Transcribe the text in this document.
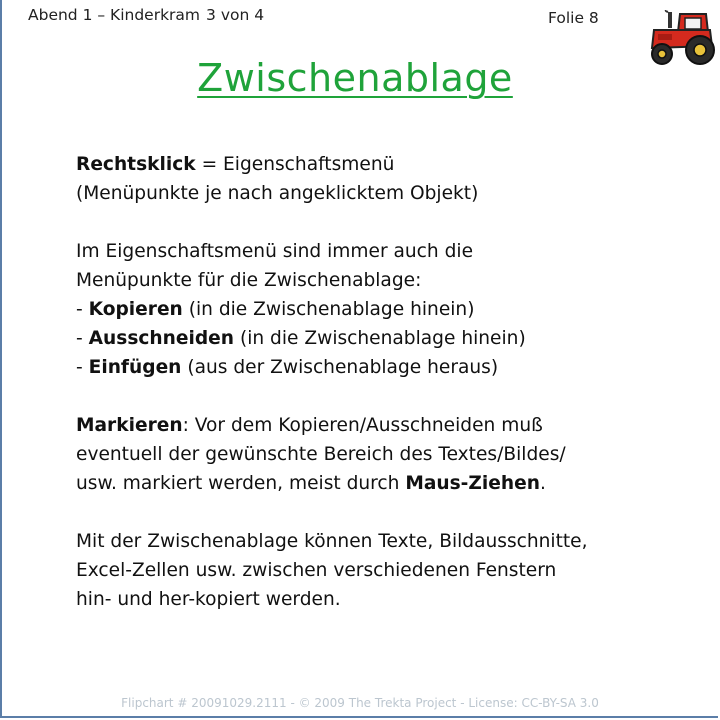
Abend 1 – Kinderkram 3 von 4	Folie 8
Zwischenablage

Rechtsklick = Eigenschaftsmenü

(Menüpunkte je nach angeklicktem Objekt)

Im Eigenschaftsmenü sind immer auch die

Menüpunkte für die Zwischenablage:

- Kopieren (in die Zwischenablage hinein)

- Ausschneiden (in die Zwischenablage hinein)

- Einfügen (aus der Zwischenablage heraus)

Markieren: Vor dem Kopieren/Ausschneiden muß

eventuell der gewünschte Bereich des Textes/Bildes/

usw. markiert werden, meist durch Maus-Ziehen.

Mit der Zwischenablage können Texte, Bildausschnitte,

Excel-Zellen usw. zwischen verschiedenen Fenstern

hin- und her-kopiert werden.

Flipchart # 20091029.2111 - © 2009 The Trekta Project - License: CC-BY-SA 3.0
